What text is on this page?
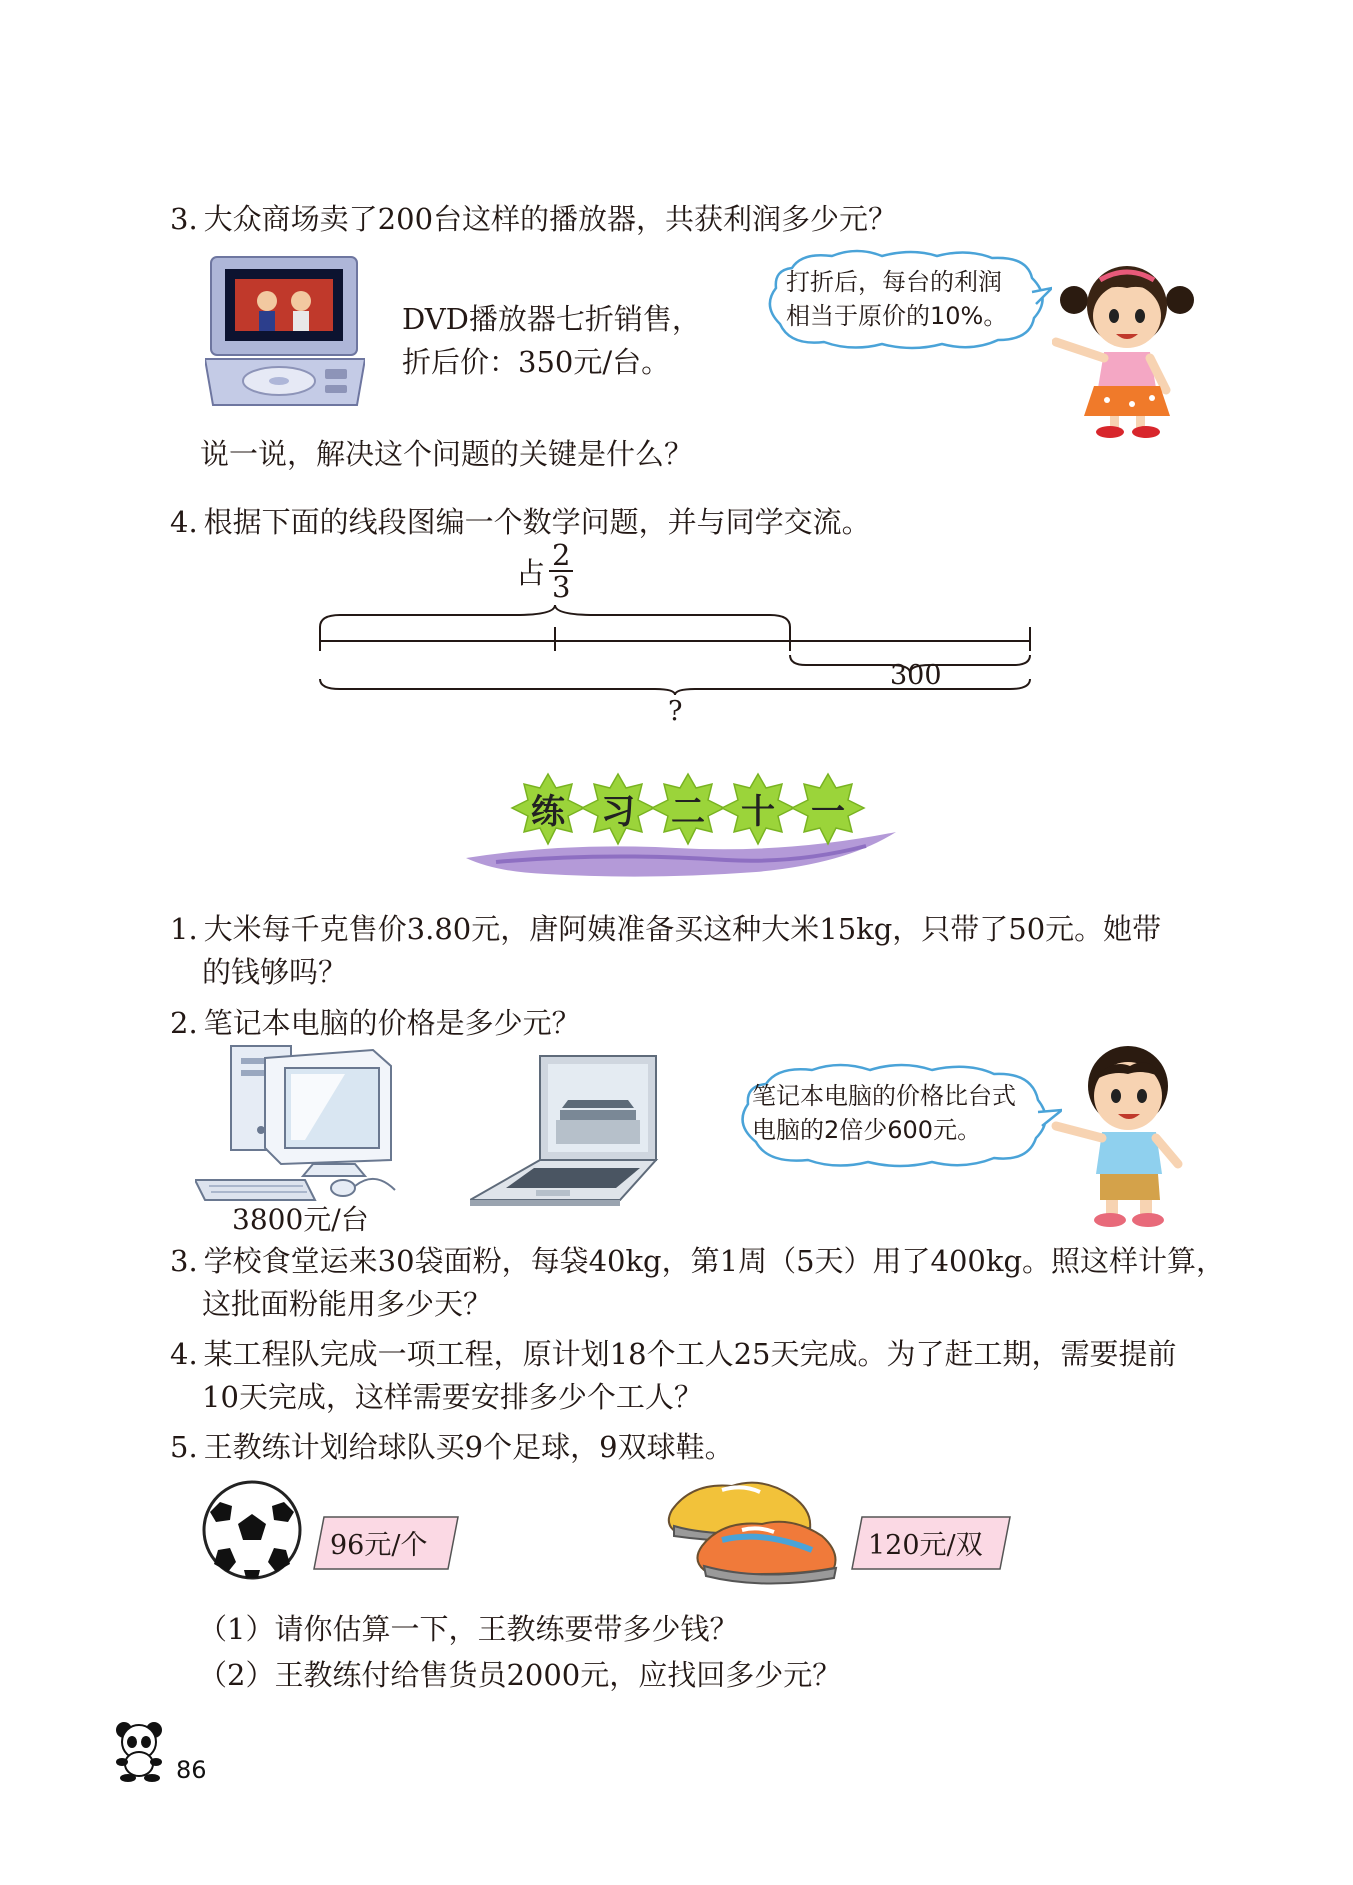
3. 大众商场卖了200台这样的播放器，共获利润多少元？
DVD播放器七折销售，
折后价：350元/台。
打折后，每台的利润
相当于原价的10%。
说一说，解决这个问题的关键是什么？
4. 根据下面的线段图编一个数学问题，并与同学交流。
占 $\frac{2}{3}$
300
?
练	习	二	十	一
1. 大米每千克售价3.80元，唐阿姨准备买这种大米15kg，只带了50元。她带
的钱够吗？
2. 笔记本电脑的价格是多少元？
3800元/台
笔记本电脑的价格比台式
电脑的2倍少600元。
3. 学校食堂运来30袋面粉，每袋40kg，第1周（5天）用了400kg。照这样计算，
这批面粉能用多少天？
4. 某工程队完成一项工程，原计划18个工人25天完成。为了赶工期，需要提前
10天完成，这样需要安排多少个工人？
5. 王教练计划给球队买9个足球，9双球鞋。
96元/个	120元/双
（1）请你估算一下，王教练要带多少钱？
（2）王教练付给售货员2000元，应找回多少元？
86
